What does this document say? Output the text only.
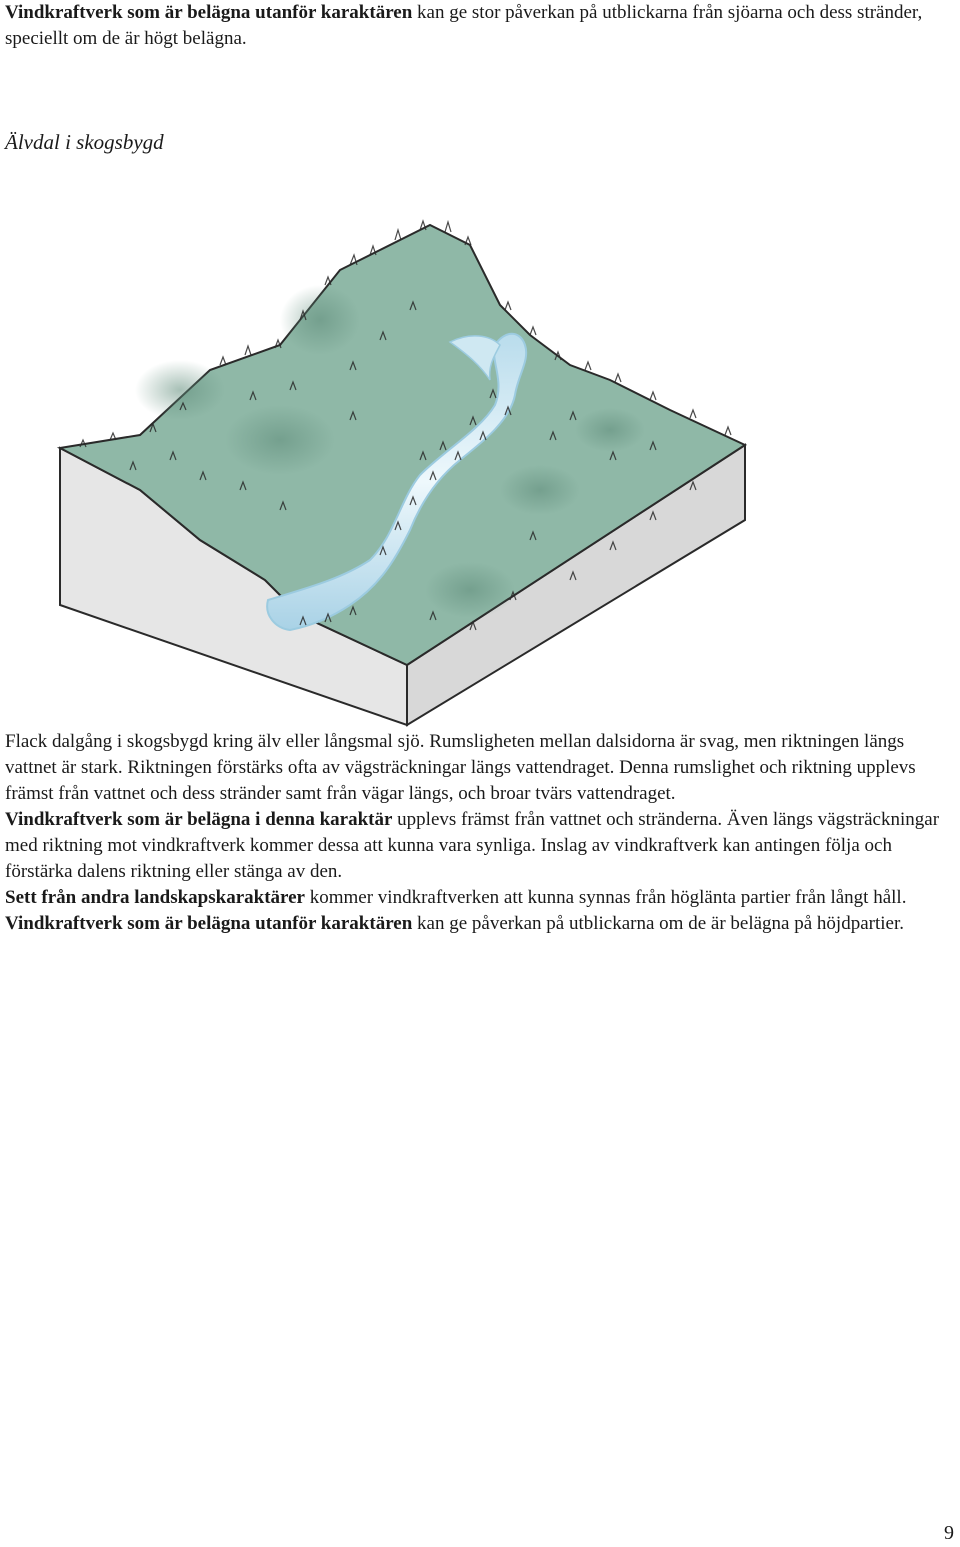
Vindkraftverk som är belägna utanför karaktären kan ge stor påverkan på utblickarna från sjöarna och dess stränder, speciellt om de är högt belägna.

Älvdal i skogsbygd

Flack dalgång i skogsbygd kring älv eller långsmal sjö. Rumsligheten mellan dalsidorna är svag, men riktningen längs vattnet är stark. Riktningen förstärks ofta av vägsträckningar längs vattendraget. Denna rumslighet och riktning upplevs främst från vattnet och dess stränder samt från vägar längs, och broar tvärs vattendraget.

Vindkraftverk som är belägna i denna karaktär upplevs främst från vattnet och stränderna. Även längs vägsträckningar med riktning mot vindkraftverk kommer dessa att kunna vara synliga. Inslag av vindkraftverk kan antingen följa och förstärka dalens riktning eller stänga av den.

Sett från andra landskapskaraktärer kommer vindkraftverken att kunna synnas från höglänta partier från långt håll.

Vindkraftverk som är belägna utanför karaktären kan ge påverkan på utblickarna om de är belägna på höjdpartier.

9
